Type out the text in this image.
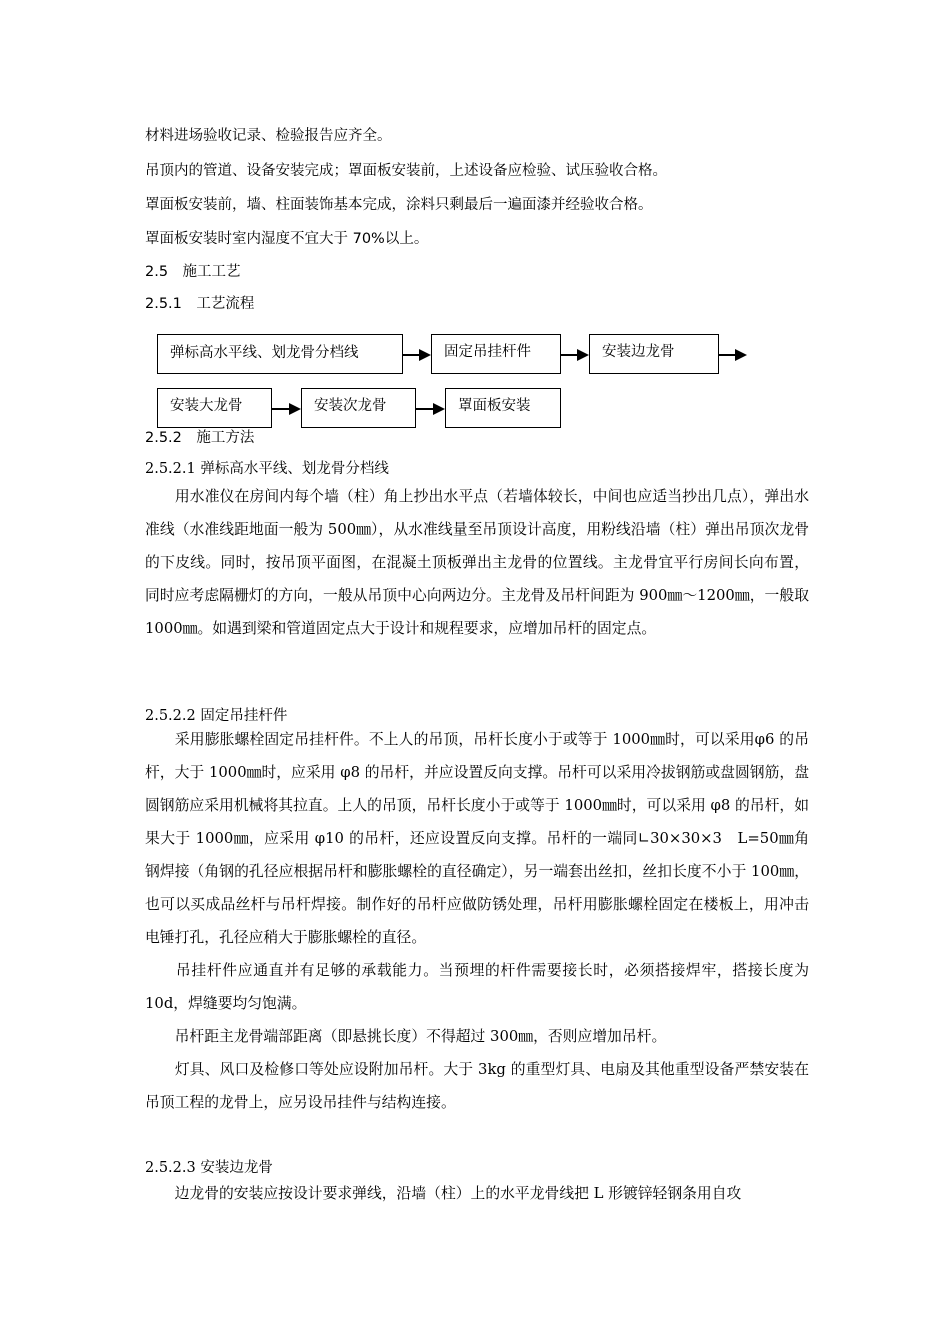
材料进场验收记录、检验报告应齐全。
吊顶内的管道、设备安装完成；罩面板安装前，上述设备应检验、试压验收合格。
罩面板安装前，墙、柱面装饰基本完成，涂料只剩最后一遍面漆并经验收合格。
罩面板安装时室内湿度不宜大于 70%以上。
2.5　施工工艺
2.5.1　工艺流程
弹标高水平线、划龙骨分档线	固定吊挂杆件	安装边龙骨
安装大龙骨	安装次龙骨	罩面板安装
2.5.2　施工方法
2.5.2.1 弹标高水平线、划龙骨分档线

　　用水准仪在房间内每个墙（柱）角上抄出水平点（若墙体较长，中间也应适当抄出几点），弹出水准线（水准线距地面一般为 500㎜），从水准线量至吊顶设计高度，用粉线沿墙（柱）弹出吊顶次龙骨的下皮线。同时，按吊顶平面图，在混凝土顶板弹出主龙骨的位置线。主龙骨宜平行房间长向布置，同时应考虑隔栅灯的方向，一般从吊顶中心向两边分。主龙骨及吊杆间距为 900㎜～1200㎜，一般取 1000㎜。如遇到梁和管道固定点大于设计和规程要求，应增加吊杆的固定点。

2.5.2.2 固定吊挂杆件

　　采用膨胀螺栓固定吊挂杆件。不上人的吊顶，吊杆长度小于或等于 1000㎜时，可以采用φ6 的吊杆，大于 1000㎜时，应采用 φ8 的吊杆，并应设置反向支撑。吊杆可以采用冷拔钢筋或盘圆钢筋，盘圆钢筋应采用机械将其拉直。上人的吊顶，吊杆长度小于或等于 1000㎜时，可以采用 φ8 的吊杆，如果大于 1000㎜，应采用 φ10 的吊杆，还应设置反向支撑。吊杆的一端同∟30×30×3　L=50㎜角钢焊接（角钢的孔径应根据吊杆和膨胀螺栓的直径确定），另一端套出丝扣，丝扣长度不小于 100㎜，也可以买成品丝杆与吊杆焊接。制作好的吊杆应做防锈处理，吊杆用膨胀螺栓固定在楼板上，用冲击电锤打孔，孔径应稍大于膨胀螺栓的直径。

　　吊挂杆件应通直并有足够的承载能力。当预埋的杆件需要接长时，必须搭接焊牢，搭接长度为 10d，焊缝要均匀饱满。

　　吊杆距主龙骨端部距离（即悬挑长度）不得超过 300㎜，否则应增加吊杆。

　　灯具、风口及检修口等处应设附加吊杆。大于 3kg 的重型灯具、电扇及其他重型设备严禁安装在吊顶工程的龙骨上，应另设吊挂件与结构连接。

2.5.2.3 安装边龙骨

　　边龙骨的安装应按设计要求弹线，沿墙（柱）上的水平龙骨线把 L 形镀锌轻钢条用自攻
